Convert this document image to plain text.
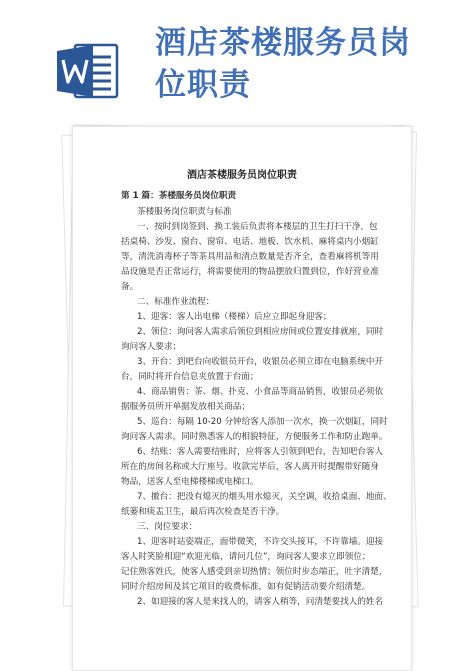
酒店茶楼服务员岗
位职责
酒店茶楼服务员岗位职责
第 1 篇：茶楼服务员岗位职责
茶楼服务岗位职责与标准
一、按时到岗签到、换工装后负责将本楼层的卫生打扫干净，包
括桌椅、沙发、窗台、窗帘、电话、地板、饮水机、麻将桌内小烟缸
等，清洗消毒杯子等茶具用品和清点数量是否齐全，查看麻将机等用
品设施是否正常运行，将需要使用的物品摆放归置到位，作好营业准
备。
二、标准作业流程：
1、迎客：客人出电梯（楼梯）后应立即起身迎客；
2、领位：询问客人需求后领位到相应房间或位置安排就座，同时
询问客人要求；
3、开台：到吧台向收银员开台，收银员必须立即在电脑系统中开
台，同时将开台信息夹放置于台面；
4、商品销售：茶、烟、扑克、小食品等商品销售，收银员必须依
据服务员所开单据发放相关商品；
5、巡台：每隔 10-20 分钟给客人添加一次水，换一次烟缸，同时
询问客人需求，同时熟悉客人的相貌特征，方便服务工作和防止跑单。
6、结账：客人需要结账时，应将客人引领到吧台，告知吧台客人
所在的房间名称或大厅座号。收款完毕后，客人离开时提醒带好随身
物品，送客人至电梯楼梯或电梯口。
7、撤台：把没有熄灭的烟头用水熄灭，关空调，收拾桌面、地面、
纸篓和痰盂卫生，最后再次检查是否干净。
三、岗位要求：
1、迎客时站姿端正，面带微笑，不许交头接耳，不许靠墙。迎接
客人时笑脸相迎“欢迎光临，请问几位”，询问客人要求立即领位；
记住熟客姓氏，使客人感受到亲切热情；领位时步态端正，吐字清楚，
同时介绍房间及其它项目的收费标准，如有促销活动要介绍清楚。
2、如迎接的客人是来找人的，请客人稍等，问清楚要找人的姓名
